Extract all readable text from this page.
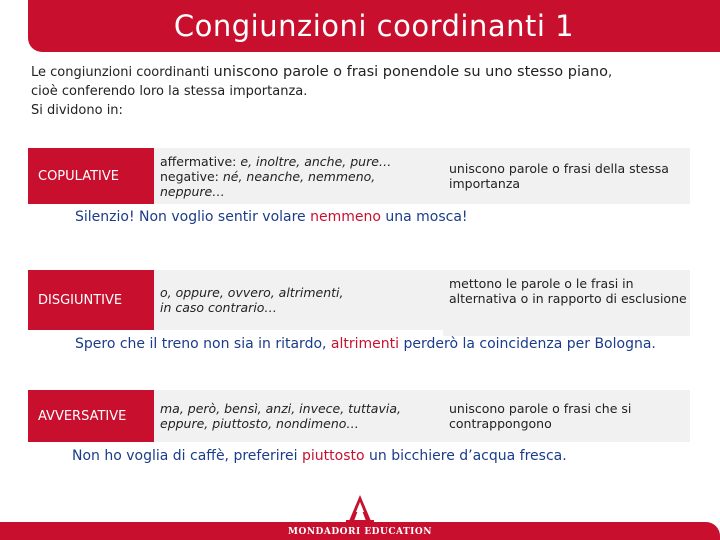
Congiunzioni coordinanti 1
Le congiunzioni coordinanti uniscono parole o frasi ponendole su uno stesso piano,
cioè conferendo loro la stessa importanza.
Si dividono in:
COPULATIVE
affermative: e, inoltre, anche, pure…
negative: né, neanche, nemmeno,
neppure…
uniscono parole o frasi della stessa importanza
Silenzio! Non voglio sentir volare nemmeno una mosca!
DISGIUNTIVE	o, oppure, ovvero, altrimenti,
in caso contrario…
mettono le parole o le frasi in alternativa o in rapporto di esclusione
Spero che il treno non sia in ritardo, altrimenti perderò la coincidenza per Bologna.
AVVERSATIVE	ma, però, bensì, anzi, invece, tuttavia,
eppure, piuttosto, nondimeno…
uniscono parole o frasi che si contrappongono
Non ho voglia di caffè, preferirei piuttosto un bicchiere d’acqua fresca.
MONDADORI EDUCATION
